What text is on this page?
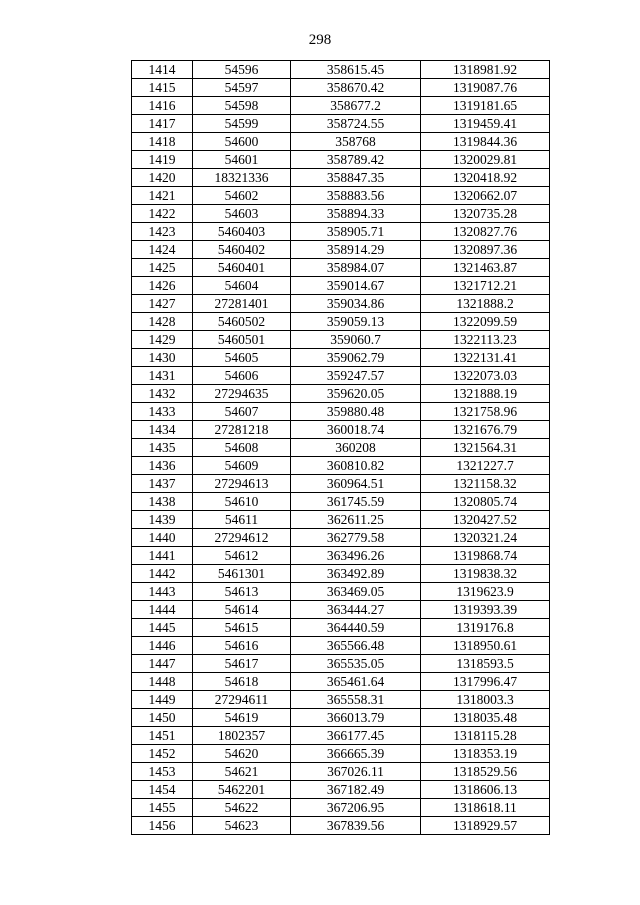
298
1414	54596	358615.45	1318981.92
1415	54597	358670.42	1319087.76
1416	54598	358677.2	1319181.65
1417	54599	358724.55	1319459.41
1418	54600	358768	1319844.36
1419	54601	358789.42	1320029.81
1420	18321336	358847.35	1320418.92
1421	54602	358883.56	1320662.07
1422	54603	358894.33	1320735.28
1423	5460403	358905.71	1320827.76
1424	5460402	358914.29	1320897.36
1425	5460401	358984.07	1321463.87
1426	54604	359014.67	1321712.21
1427	27281401	359034.86	1321888.2
1428	5460502	359059.13	1322099.59
1429	5460501	359060.7	1322113.23
1430	54605	359062.79	1322131.41
1431	54606	359247.57	1322073.03
1432	27294635	359620.05	1321888.19
1433	54607	359880.48	1321758.96
1434	27281218	360018.74	1321676.79
1435	54608	360208	1321564.31
1436	54609	360810.82	1321227.7
1437	27294613	360964.51	1321158.32
1438	54610	361745.59	1320805.74
1439	54611	362611.25	1320427.52
1440	27294612	362779.58	1320321.24
1441	54612	363496.26	1319868.74
1442	5461301	363492.89	1319838.32
1443	54613	363469.05	1319623.9
1444	54614	363444.27	1319393.39
1445	54615	364440.59	1319176.8
1446	54616	365566.48	1318950.61
1447	54617	365535.05	1318593.5
1448	54618	365461.64	1317996.47
1449	27294611	365558.31	1318003.3
1450	54619	366013.79	1318035.48
1451	1802357	366177.45	1318115.28
1452	54620	366665.39	1318353.19
1453	54621	367026.11	1318529.56
1454	5462201	367182.49	1318606.13
1455	54622	367206.95	1318618.11
1456	54623	367839.56	1318929.57
